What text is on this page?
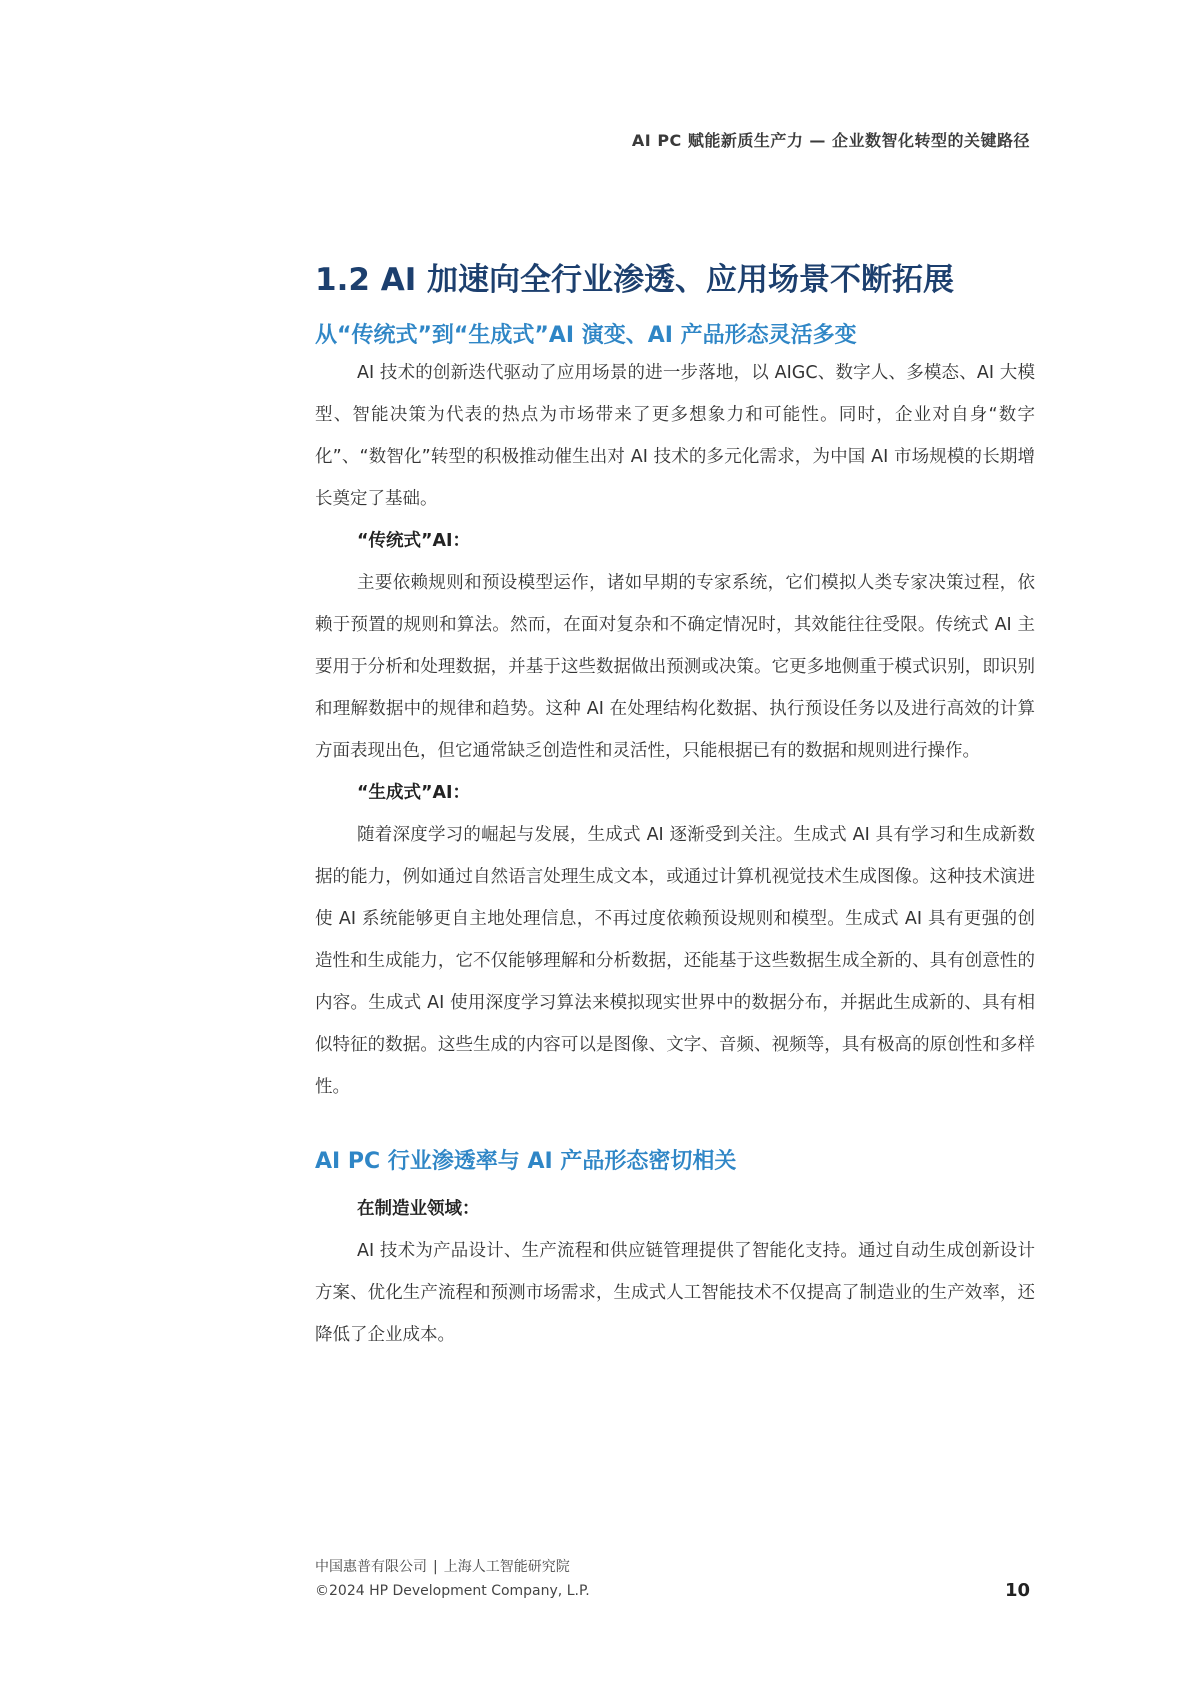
AI PC 赋能新质生产力 — 企业数智化转型的关键路径
1.2 AI 加速向全行业渗透、应用场景不断拓展
从“传统式”到“生成式”AI 演变、AI 产品形态灵活多变

AI 技术的创新迭代驱动了应用场景的进一步落地，以 AIGC、数字人、多模态、AI 大模型、智能决策为代表的热点为市场带来了更多想象力和可能性。同时，企业对自身“数字化”、“数智化”转型的积极推动催生出对 AI 技术的多元化需求，为中国 AI 市场规模的长期增长奠定了基础。

“传统式”AI：

主要依赖规则和预设模型运作，诸如早期的专家系统，它们模拟人类专家决策过程，依赖于预置的规则和算法。然而，在面对复杂和不确定情况时，其效能往往受限。传统式 AI 主要用于分析和处理数据，并基于这些数据做出预测或决策。它更多地侧重于模式识别，即识别和理解数据中的规律和趋势。这种 AI 在处理结构化数据、执行预设任务以及进行高效的计算方面表现出色，但它通常缺乏创造性和灵活性，只能根据已有的数据和规则进行操作。

“生成式”AI：

随着深度学习的崛起与发展，生成式 AI 逐渐受到关注。生成式 AI 具有学习和生成新数据的能力，例如通过自然语言处理生成文本，或通过计算机视觉技术生成图像。这种技术演进使 AI 系统能够更自主地处理信息，不再过度依赖预设规则和模型。生成式 AI 具有更强的创造性和生成能力，它不仅能够理解和分析数据，还能基于这些数据生成全新的、具有创意性的内容。生成式 AI 使用深度学习算法来模拟现实世界中的数据分布，并据此生成新的、具有相似特征的数据。这些生成的内容可以是图像、文字、音频、视频等，具有极高的原创性和多样性。

AI PC 行业渗透率与 AI 产品形态密切相关
在制造业领域：

AI 技术为产品设计、生产流程和供应链管理提供了智能化支持。通过自动生成创新设计方案、优化生产流程和预测市场需求，生成式人工智能技术不仅提高了制造业的生产效率，还降低了企业成本。

中国惠普有限公司 | 上海人工智能研究院
©2024 HP Development Company, L.P.	10
